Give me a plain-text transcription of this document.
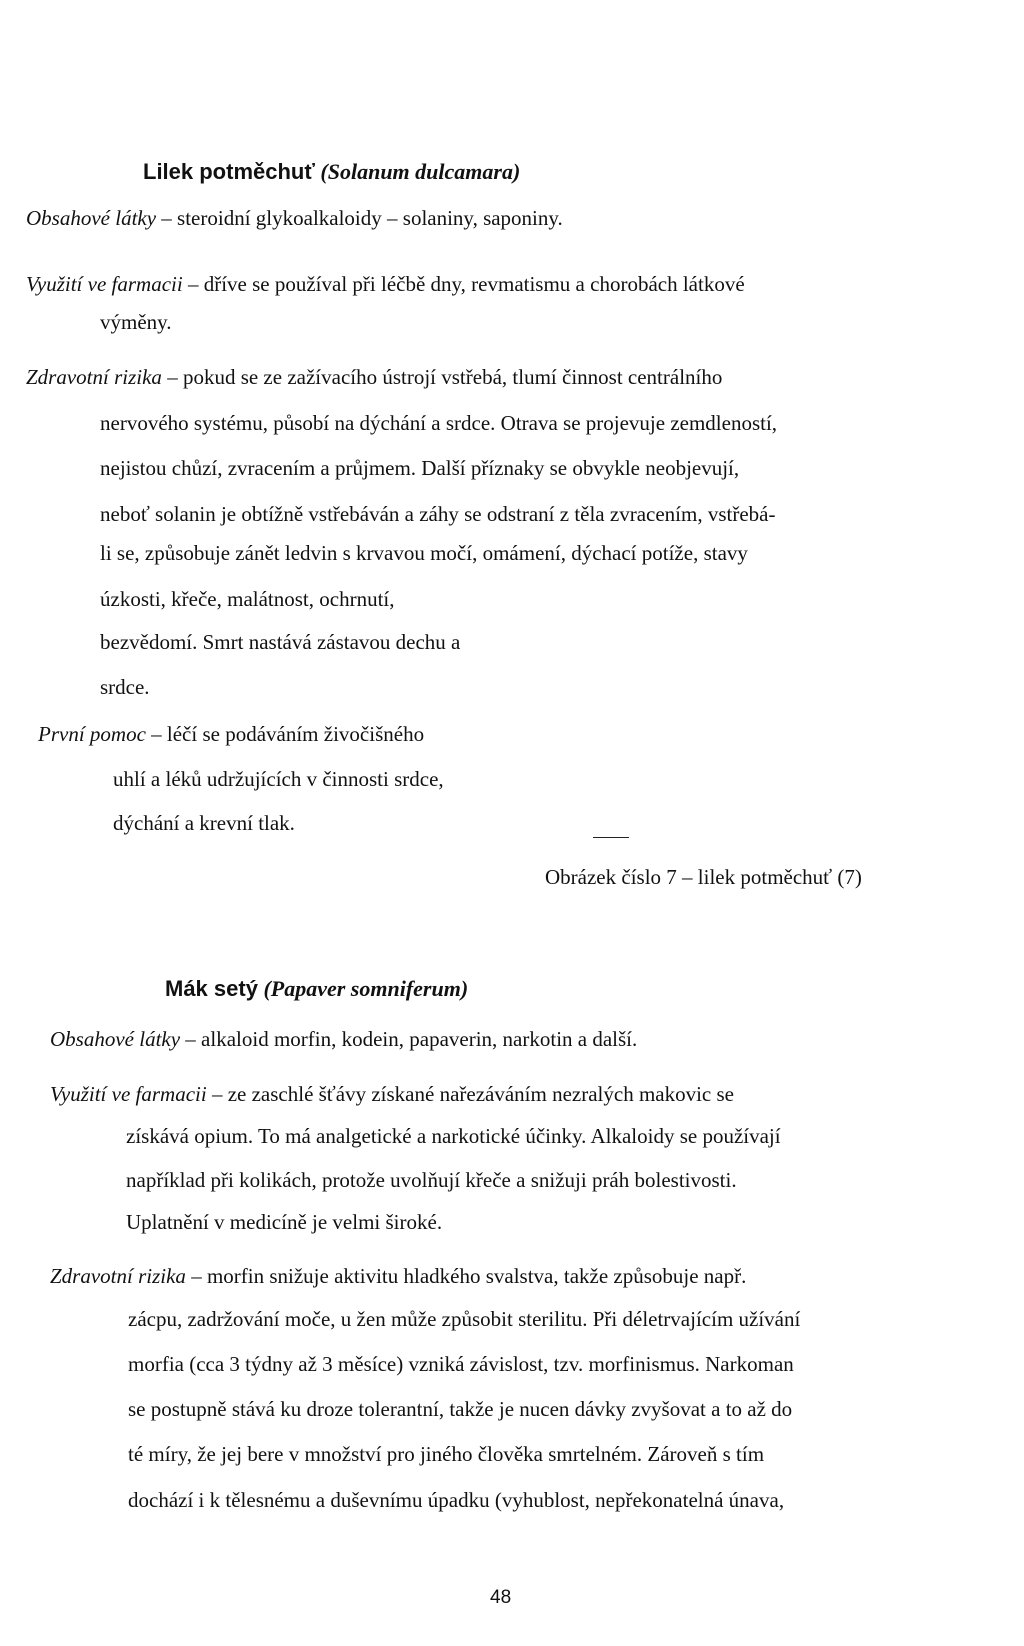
Lilek potměchuť (Solanum dulcamara)
Obsahové látky – steroidní glykoalkaloidy – solaniny, saponiny.
Využití ve farmacii – dříve se používal při léčbě dny, revmatismu a chorobách látkové
výměny.
Zdravotní rizika – pokud se ze zažívacího ústrojí vstřebá, tlumí činnost centrálního
nervového systému, působí na dýchání a srdce. Otrava se projevuje zemdleností,
nejistou chůzí, zvracením a průjmem. Další příznaky se obvykle neobjevují,
neboť solanin je obtížně vstřebáván a záhy se odstraní z těla zvracením, vstřebá-
li se, způsobuje zánět ledvin s krvavou močí, omámení, dýchací potíže, stavy
úzkosti, křeče, malátnost, ochrnutí,
bezvědomí. Smrt nastává zástavou dechu a
srdce.
První pomoc – léčí se podáváním živočišného
uhlí a léků udržujících v činnosti srdce,
dýchání a krevní tlak.
Obrázek číslo 7 – lilek potměchuť (7)
Mák setý (Papaver somniferum)
Obsahové látky – alkaloid morfin, kodein, papaverin, narkotin a další.
Využití ve farmacii – ze zaschlé šťávy získané nařezáváním nezralých makovic se
získává opium. To má analgetické a narkotické účinky. Alkaloidy se používají
například při kolikách, protože uvolňují křeče a snižuji práh bolestivosti.
Uplatnění v medicíně je velmi široké.
Zdravotní rizika – morfin snižuje aktivitu hladkého svalstva, takže způsobuje např.
zácpu, zadržování moče, u žen může způsobit sterilitu. Při déletrvajícím užívání
morfia (cca 3 týdny až 3 měsíce) vzniká závislost, tzv. morfinismus. Narkoman
se postupně stává ku droze tolerantní, takže je nucen dávky zvyšovat a to až do
té míry, že jej bere v množství pro jiného člověka smrtelném. Zároveň s tím
dochází i k tělesnému a duševnímu úpadku (vyhublost, nepřekonatelná únava,
48
